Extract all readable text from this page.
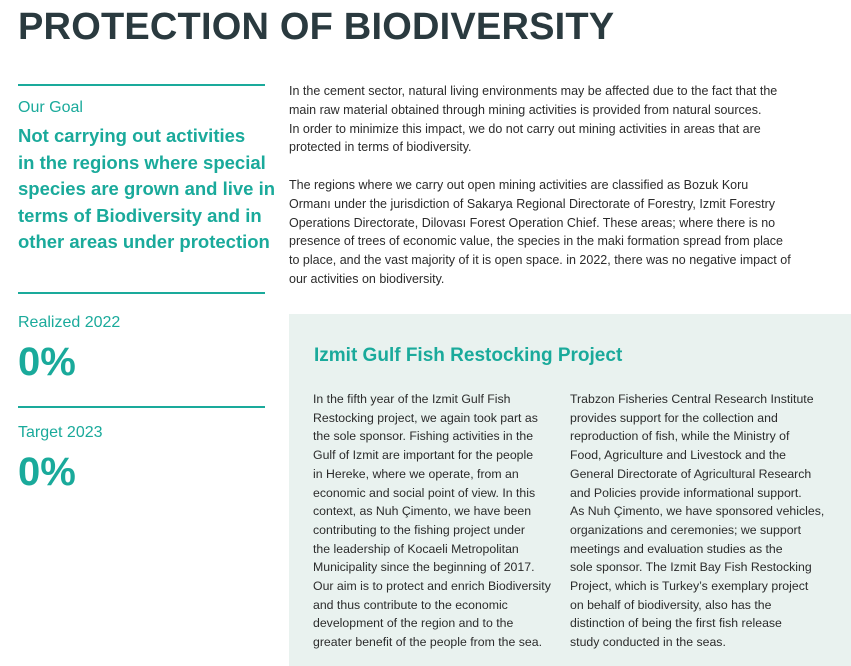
PROTECTION OF BIODIVERSITY
Our Goal

Not carrying out activities
in the regions where special
species are grown and live in
terms of Biodiversity and in
other areas under protection

Realized 2022
0%
Target 2023
0%

In the cement sector, natural living environments may be affected due to the fact that the
main raw material obtained through mining activities is provided from natural sources.
In order to minimize this impact, we do not carry out mining activities in areas that are
protected in terms of biodiversity.
The regions where we carry out open mining activities are classified as Bozuk Koru
Ormanı under the jurisdiction of Sakarya Regional Directorate of Forestry, Izmit Forestry
Operations Directorate, Dilovası Forest Operation Chief. These areas; where there is no
presence of trees of economic value, the species in the maki formation spread from place
to place, and the vast majority of it is open space. in 2022, there was no negative impact of
our activities on biodiversity.

Izmit Gulf Fish Restocking Project

In the fifth year of the Izmit Gulf Fish
Restocking project, we again took part as
the sole sponsor. Fishing activities in the
Gulf of Izmit are important for the people
in Hereke, where we operate, from an
economic and social point of view. In this
context, as Nuh Çimento, we have been
contributing to the fishing project under
the leadership of Kocaeli Metropolitan
Municipality since the beginning of 2017.
Our aim is to protect and enrich Biodiversity
and thus contribute to the economic
development of the region and to the
greater benefit of the people from the sea.

Trabzon Fisheries Central Research Institute
provides support for the collection and
reproduction of fish, while the Ministry of
Food, Agriculture and Livestock and the
General Directorate of Agricultural Research
and Policies provide informational support.
As Nuh Çimento, we have sponsored vehicles,
organizations and ceremonies; we support
meetings and evaluation studies as the
sole sponsor. The Izmit Bay Fish Restocking
Project, which is Turkey’s exemplary project
on behalf of biodiversity, also has the
distinction of being the first fish release
study conducted in the seas.
